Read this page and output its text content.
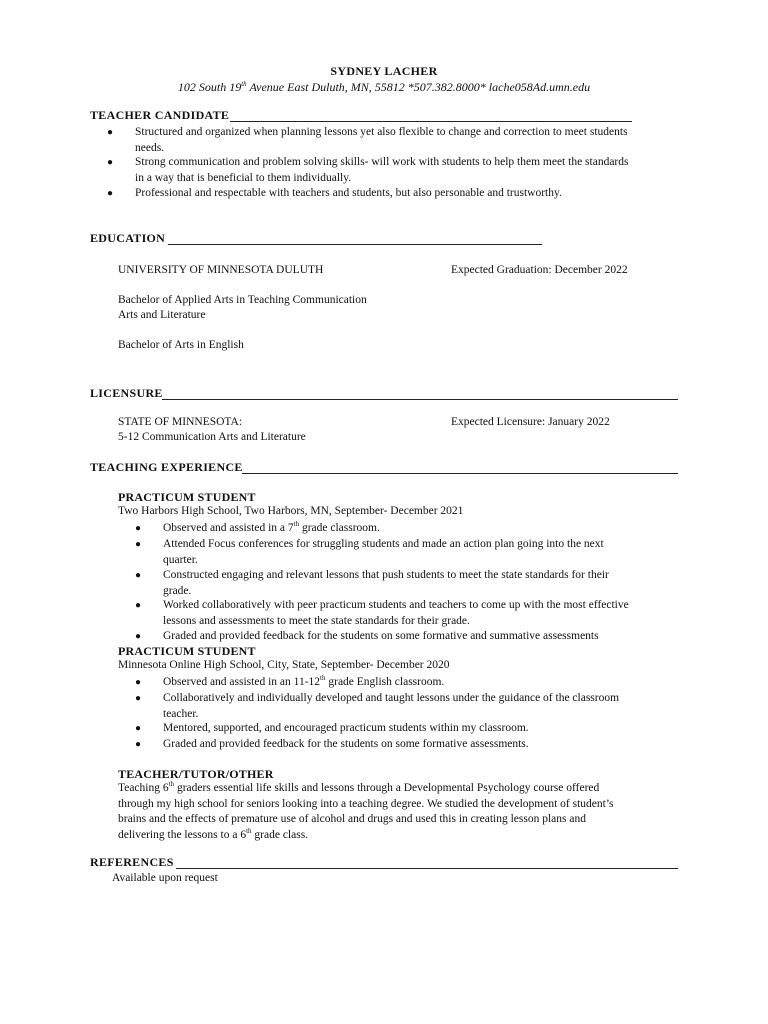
SYDNEY LACHER
102 South 19th Avenue East Duluth, MN, 55812 *507.382.8000* lache058Ad.umn.edu
TEACHER CANDIDATE
● Structured and organized when planning lessons yet also flexible to change and correction to meet students
needs.
● Strong communication and problem solving skills- will work with students to help them meet the standards
in a way that is beneficial to them individually.
● Professional and respectable with teachers and students, but also personable and trustworthy.
EDUCATION
UNIVERSITY OF MINNESOTA DULUTH	Expected Graduation: December 2022
Bachelor of Applied Arts in Teaching Communication
Arts and Literature
Bachelor of Arts in English
LICENSURE
STATE OF MINNESOTA:	Expected Licensure: January 2022
5-12 Communication Arts and Literature
TEACHING EXPERIENCE
PRACTICUM STUDENT
Two Harbors High School, Two Harbors, MN, September- December 2021
● Observed and assisted in a 7th grade classroom.
● Attended Focus conferences for struggling students and made an action plan going into the next
quarter.
● Constructed engaging and relevant lessons that push students to meet the state standards for their
grade.
● Worked collaboratively with peer practicum students and teachers to come up with the most effective
lessons and assessments to meet the state standards for their grade.
● Graded and provided feedback for the students on some formative and summative assessments
PRACTICUM STUDENT
Minnesota Online High School, City, State, September- December 2020
● Observed and assisted in an 11-12th grade English classroom.
● Collaboratively and individually developed and taught lessons under the guidance of the classroom
teacher.
● Mentored, supported, and encouraged practicum students within my classroom.
● Graded and provided feedback for the students on some formative assessments.
TEACHER/TUTOR/OTHER
Teaching 6th graders essential life skills and lessons through a Developmental Psychology course offered
through my high school for seniors looking into a teaching degree. We studied the development of student’s
brains and the effects of premature use of alcohol and drugs and used this in creating lesson plans and
delivering the lessons to a 6th grade class.
REFERENCES
Available upon request
